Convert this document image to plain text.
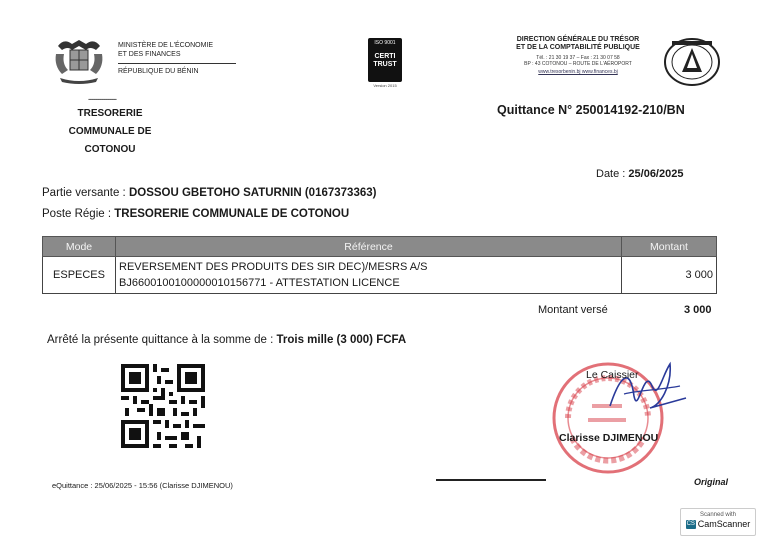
MINISTÈRE DE L'ÉCONOMIE
ET DES FINANCES
RÉPUBLIQUE DU BÉNIN
--------------
TRESORERIE
COMMUNALE DE
COTONOU
ISO 9001
CERTI
TRUST
Version 2015
DIRECTION GÉNÉRALE DU TRÉSOR
ET DE LA COMPTABILITÉ PUBLIQUE
Tél. : 21 30 19 37 – Fax : 21 30 07 58
BP : 43 COTONOU – ROUTE DE L'AÉROPORT
www.tresorbenin.bj www.finances.bj
Quittance N° 250014192-210/BN
Date : 25/06/2025
Partie versante : DOSSOU GBETOHO SATURNIN (0167373363)
Poste Régie : TRESORERIE COMMUNALE DE COTONOU
Mode	Référence	Montant
ESPECES	REVERSEMENT DES PRODUITS DES SIR DEC)/MESRS A/S
BJ6600100100000010156771 - ATTESTATION LICENCE	3 000
Montant versé	3 000
Arrêté la présente quittance à la somme de : Trois mille (3 000) FCFA
Le Caissier
Clarisse DJIMENOU
eQuittance : 25/06/2025 - 15:56 (Clarisse DJIMENOU)	Original
Scanned with
CS CamScanner
